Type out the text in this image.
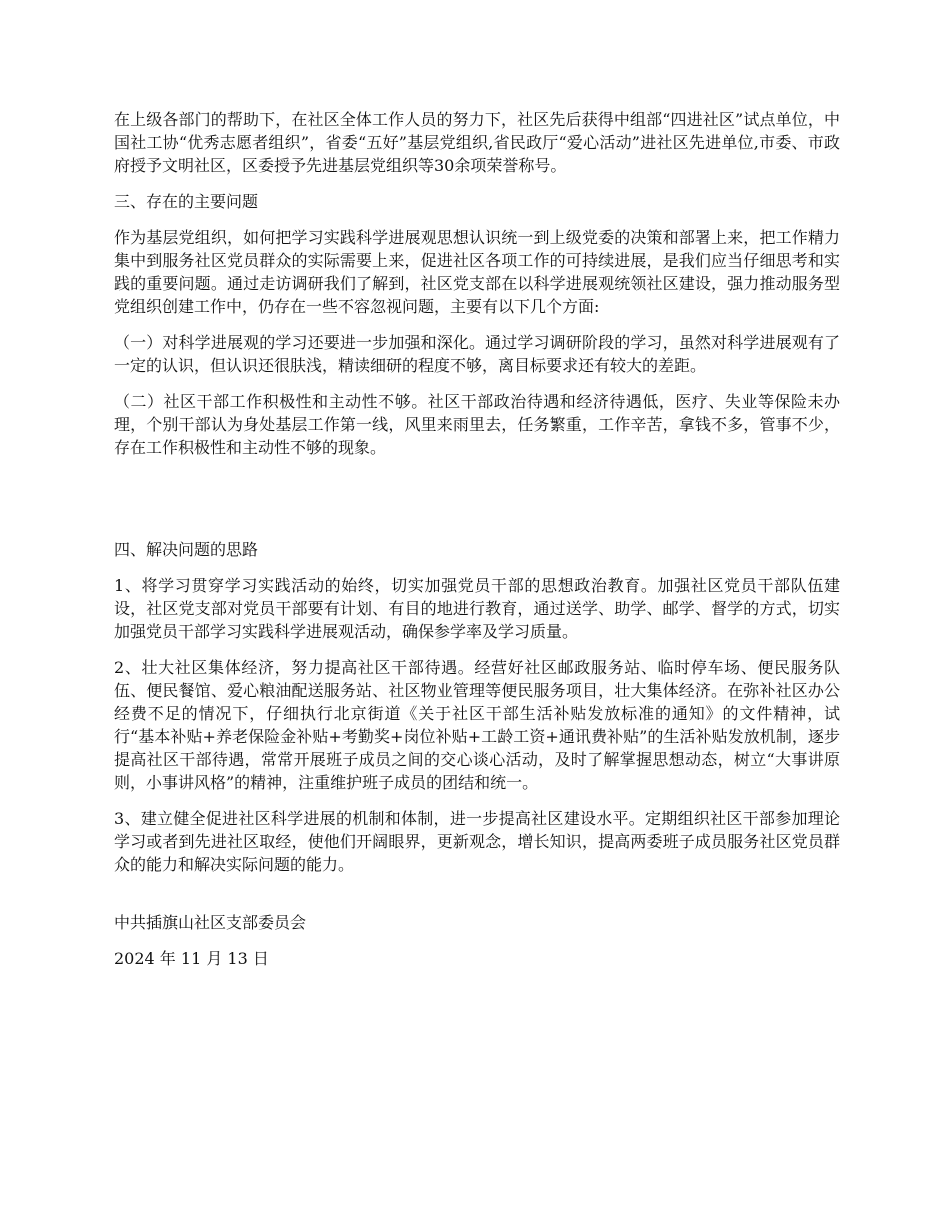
在上级各部门的帮助下，在社区全体工作人员的努力下，社区先后获得中组部“四进社区”试点单位，中国社工协“优秀志愿者组织”，省委“五好”基层党组织,省民政厅“爱心活动”进社区先进单位,市委、市政府授予文明社区，区委授予先进基层党组织等30余项荣誉称号。

三、存在的主要问题

作为基层党组织，如何把学习实践科学进展观思想认识统一到上级党委的决策和部署上来，把工作精力集中到服务社区党员群众的实际需要上来，促进社区各项工作的可持续进展，是我们应当仔细思考和实践的重要问题。通过走访调研我们了解到，社区党支部在以科学进展观统领社区建设，强力推动服务型党组织创建工作中，仍存在一些不容忽视问题，主要有以下几个方面:

（一）对科学进展观的学习还要进一步加强和深化。通过学习调研阶段的学习，虽然对科学进展观有了一定的认识，但认识还很肤浅，精读细研的程度不够，离目标要求还有较大的差距。

（二）社区干部工作积极性和主动性不够。社区干部政治待遇和经济待遇低，医疗、失业等保险未办理，个别干部认为身处基层工作第一线，风里来雨里去，任务繁重，工作辛苦，拿钱不多，管事不少，存在工作积极性和主动性不够的现象。

四、解决问题的思路

1、将学习贯穿学习实践活动的始终，切实加强党员干部的思想政治教育。加强社区党员干部队伍建设，社区党支部对党员干部要有计划、有目的地进行教育，通过送学、助学、邮学、督学的方式，切实加强党员干部学习实践科学进展观活动，确保参学率及学习质量。

2、壮大社区集体经济，努力提高社区干部待遇。经营好社区邮政服务站、临时停车场、便民服务队伍、便民餐馆、爱心粮油配送服务站、社区物业管理等便民服务项目，壮大集体经济。在弥补社区办公经费不足的情况下，仔细执行北京街道《关于社区干部生活补贴发放标准的通知》的文件精神，试行“基本补贴+养老保险金补贴+考勤奖+岗位补贴+工龄工资+通讯费补贴”的生活补贴发放机制，逐步提高社区干部待遇，常常开展班子成员之间的交心谈心活动，及时了解掌握思想动态，树立“大事讲原则，小事讲风格”的精神，注重维护班子成员的团结和统一。

3、建立健全促进社区科学进展的机制和体制，进一步提高社区建设水平。定期组织社区干部参加理论学习或者到先进社区取经，使他们开阔眼界，更新观念，增长知识，提高两委班子成员服务社区党员群众的能力和解决实际问题的能力。

中共插旗山社区支部委员会

2024 年 11 月 13 日
